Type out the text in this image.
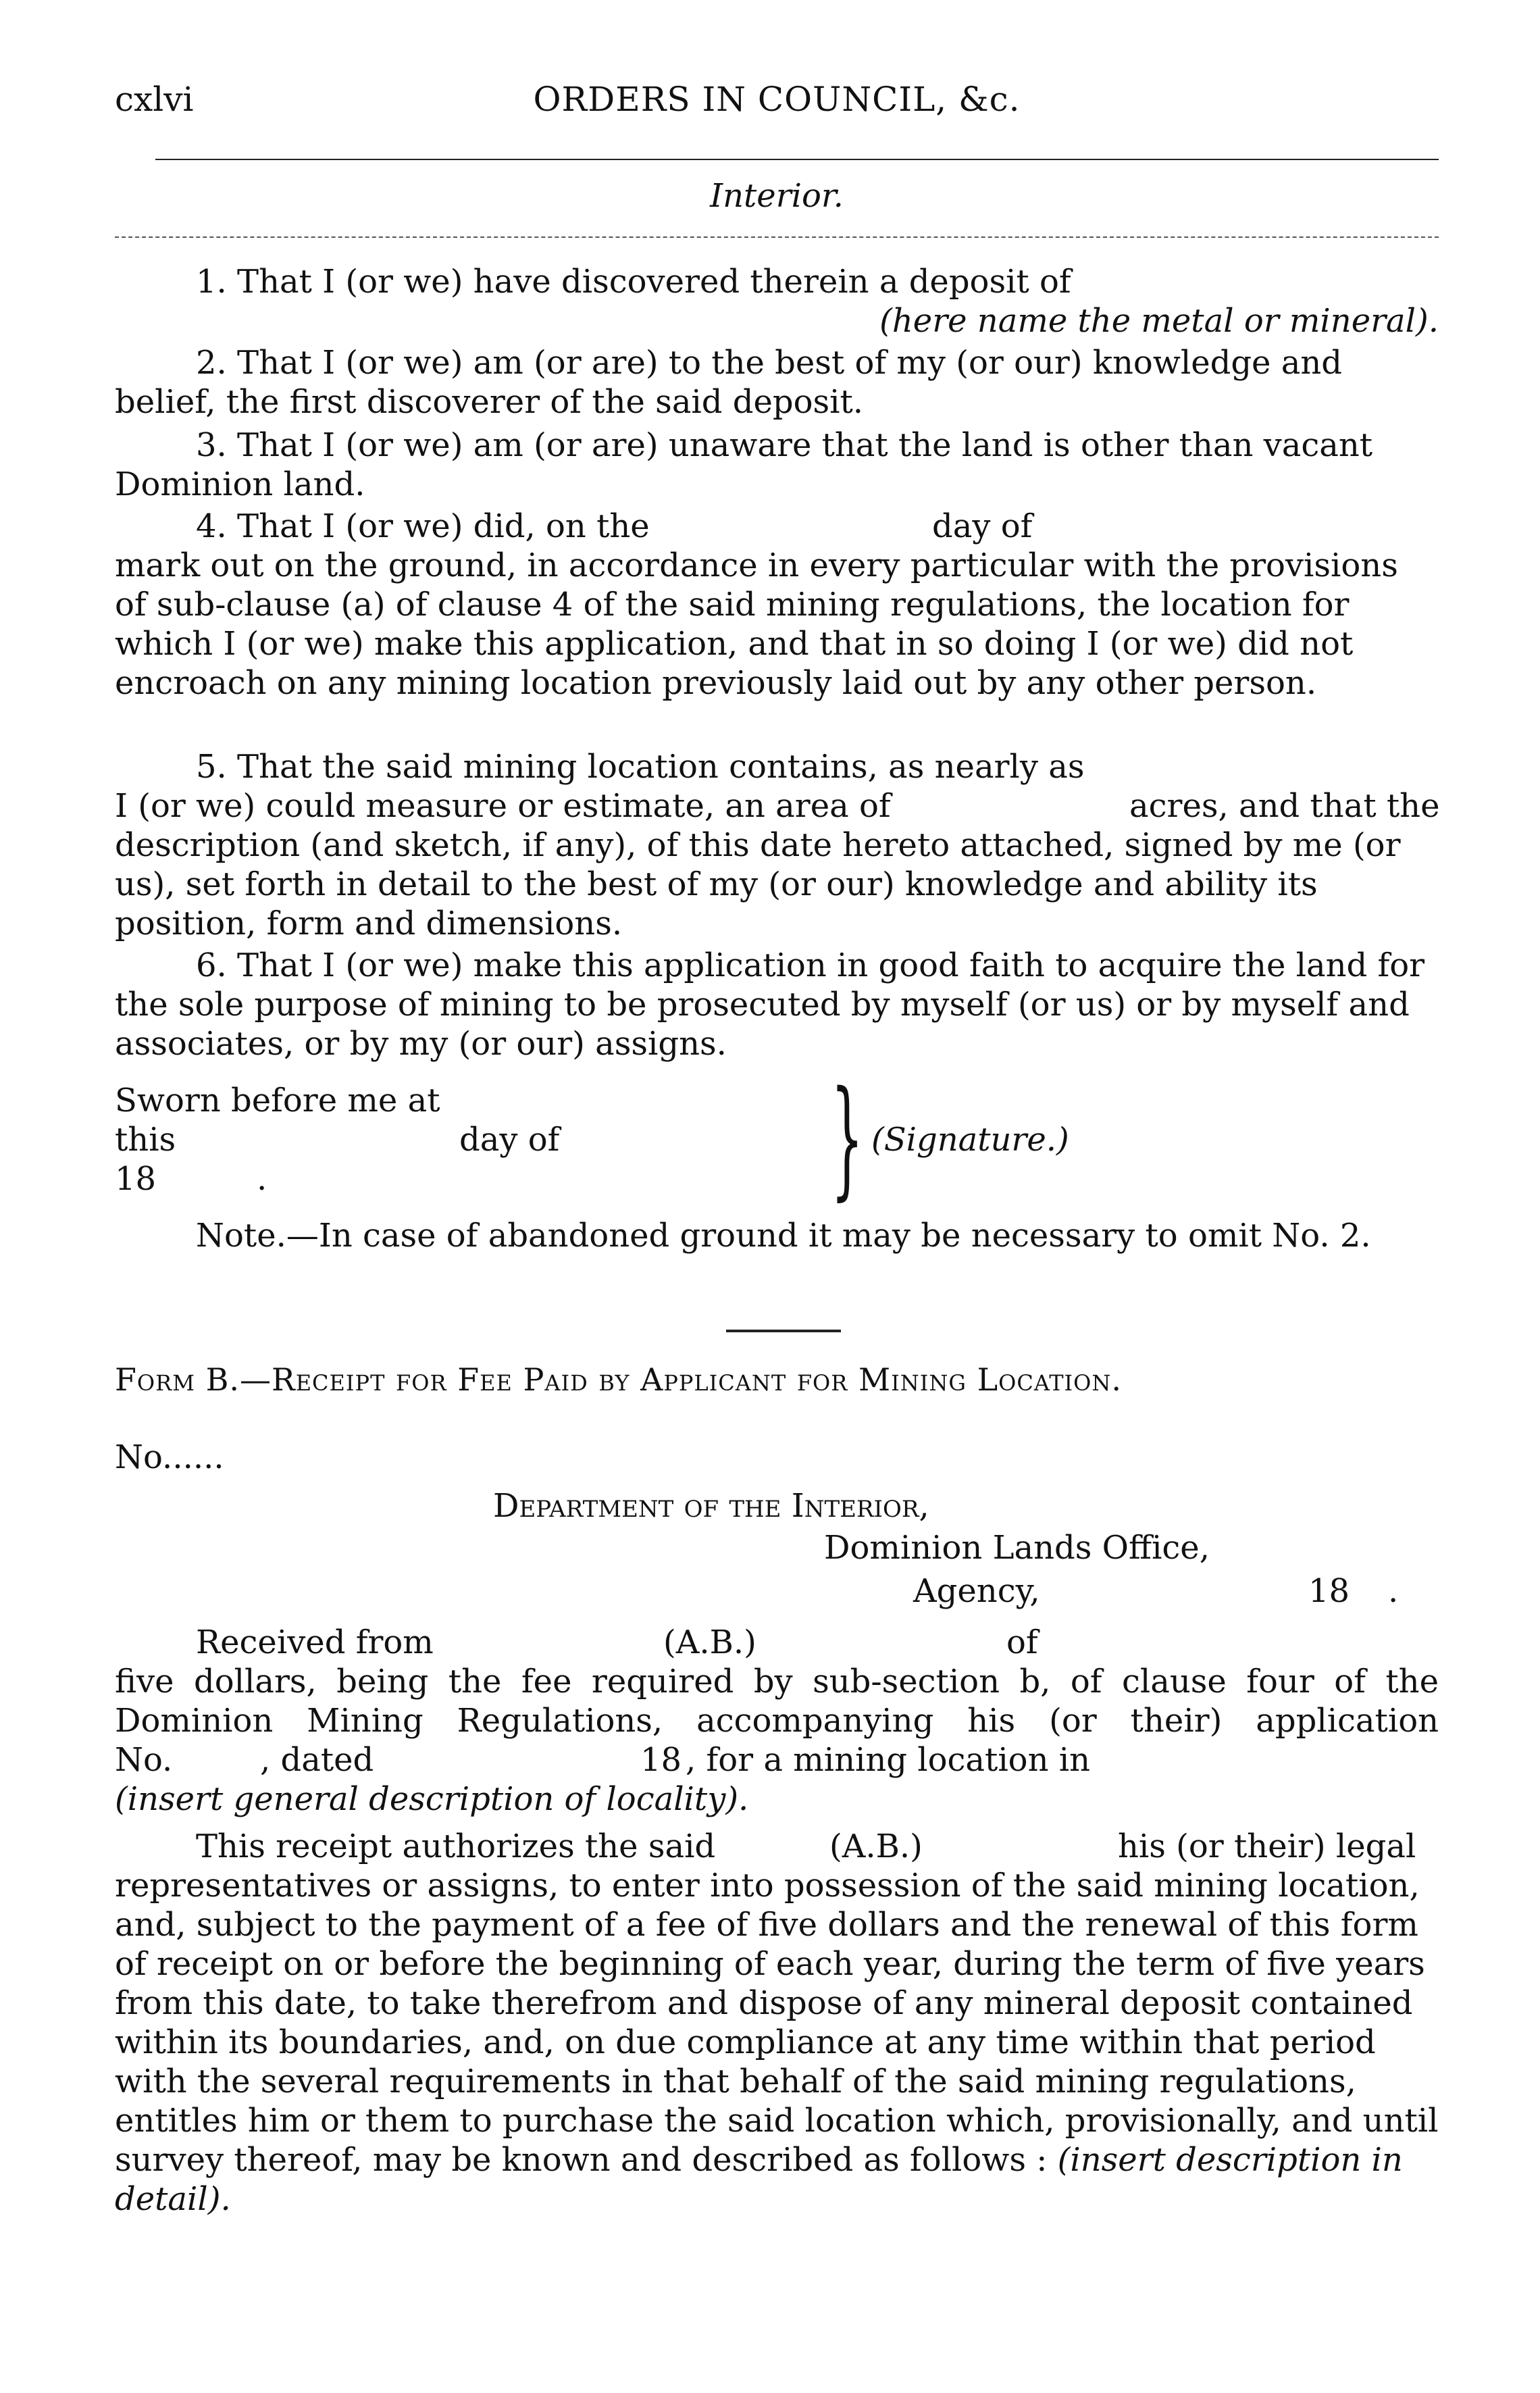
cxlvi	ORDERS IN COUNCIL, &c.
Interior.

1. That I (or we) have discovered therein a deposit of

(here name the metal or mineral).

2. That I (or we) am (or are) to the best of my (or our) knowledge and belief, the first discoverer of the said deposit.

3. That I (or we) am (or are) unaware that the land is other than vacant Dominion land.

4. That I (or we) did, on the	day of

mark out on the ground, in accordance in every particular with the provisions of sub-clause (a) of clause 4 of the said mining regulations, the location for which I (or we) make this application, and that in so doing I (or we) did not encroach on any mining location previously laid out by any other person.

5. That the said mining location contains, as nearly as I (or we) could measure or estimate, an area of	acres, and that the

description (and sketch, if any), of this date hereto attached, signed by me (or us), set forth in detail to the best of my (or our) knowledge and ability its position, form and dimensions.

6. That I (or we) make this application in good faith to acquire the land for the sole purpose of mining to be prosecuted by myself (or us) or by myself and associates, or by my (or our) assigns.

Sworn before me at
this	day of
18	.	} (Signature.)

Note.—In case of abandoned ground it may be necessary to omit No. 2.

Form B.—Receipt for Fee Paid by Applicant for Mining Location.
No......
Department of the Interior,
Dominion Lands Office,
Agency,	18 .
Received from	(A.B.)	of

five dollars, being the fee required by sub-section b, of clause four of the

Dominion Mining Regulations, accompanying his (or their) application

No.	, dated	18 , for a mining location in
(insert general description of locality).
This receipt authorizes the said	(A.B.)	his (or their) legal

representatives or assigns, to enter into possession of the said mining location, and, subject to the payment of a fee of five dollars and the renewal of this form of receipt on or before the beginning of each year, during the term of five years from this date, to take therefrom and dispose of any mineral deposit contained within its boundaries, and, on due compliance at any time within that period with the several requirements in that behalf of the said mining regulations, entitles him or them to purchase the said location which, provisionally, and until survey thereof, may be known and described as follows : (insert description in detail).
